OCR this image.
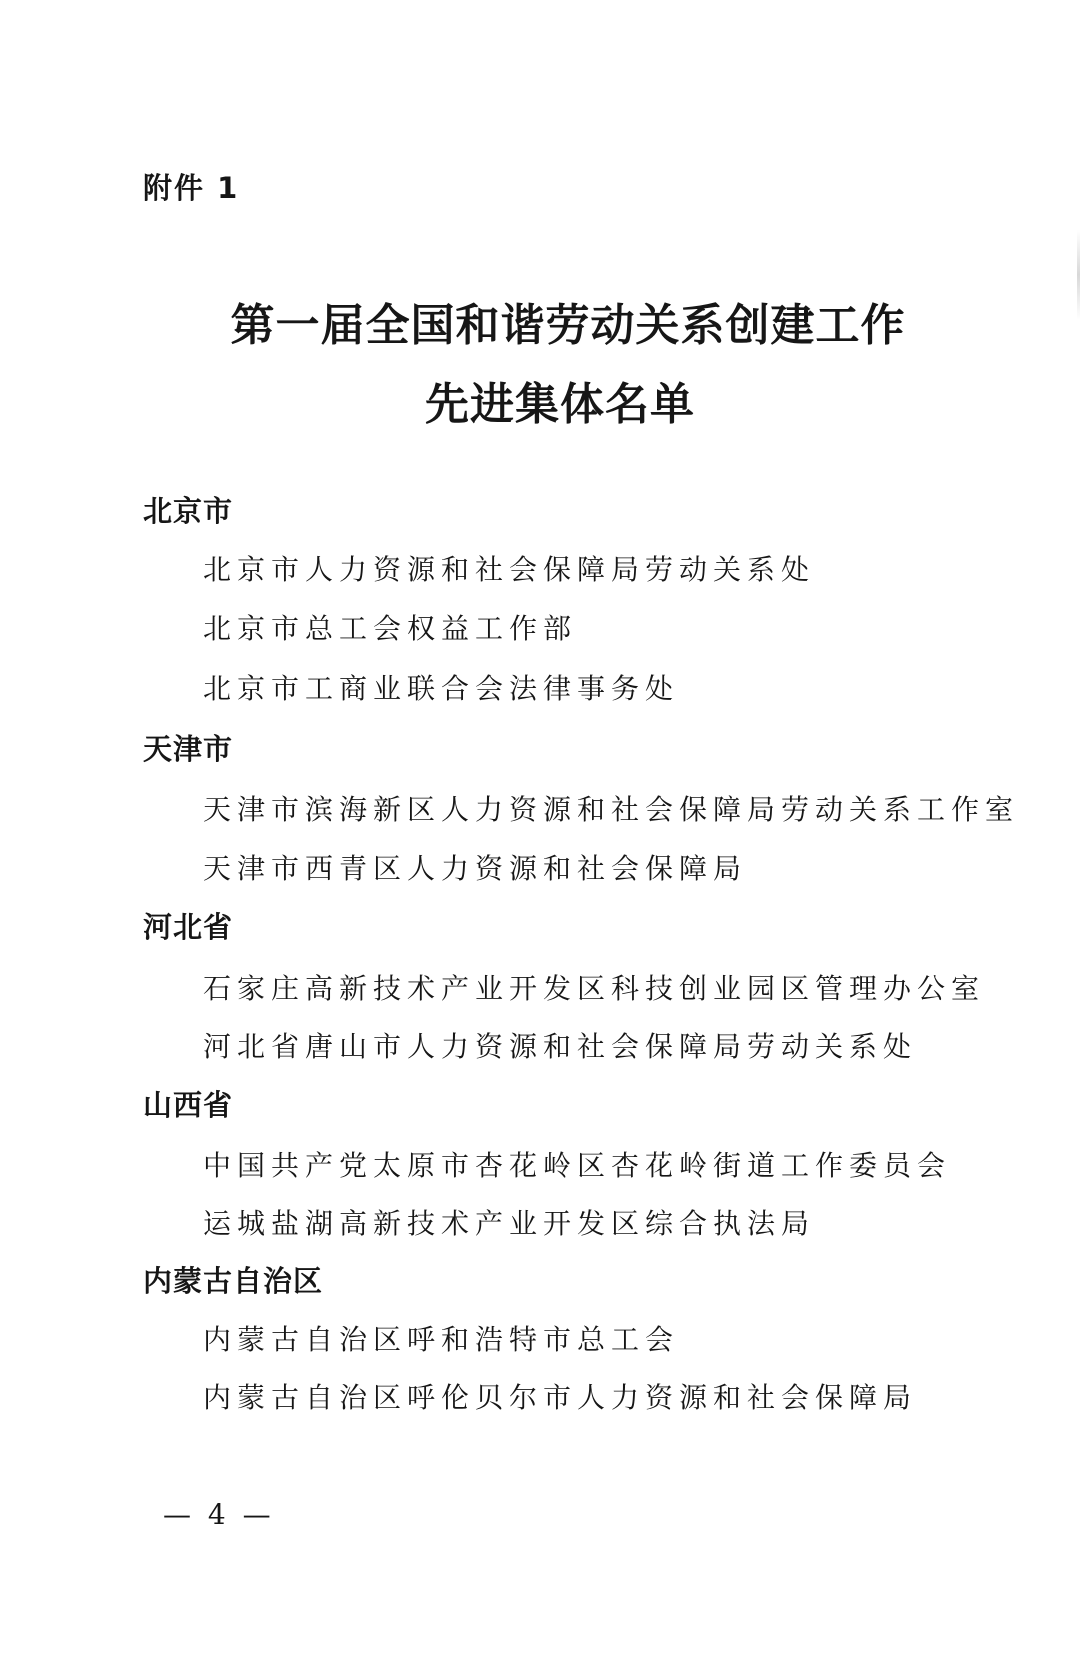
附件 1
第一届全国和谐劳动关系创建工作
先进集体名单
北京市
北京市人力资源和社会保障局劳动关系处
北京市总工会权益工作部
北京市工商业联合会法律事务处
天津市
天津市滨海新区人力资源和社会保障局劳动关系工作室
天津市西青区人力资源和社会保障局
河北省
石家庄高新技术产业开发区科技创业园区管理办公室
河北省唐山市人力资源和社会保障局劳动关系处
山西省
中国共产党太原市杏花岭区杏花岭街道工作委员会
运城盐湖高新技术产业开发区综合执法局
内蒙古自治区
内蒙古自治区呼和浩特市总工会
内蒙古自治区呼伦贝尔市人力资源和社会保障局
— 4 —
